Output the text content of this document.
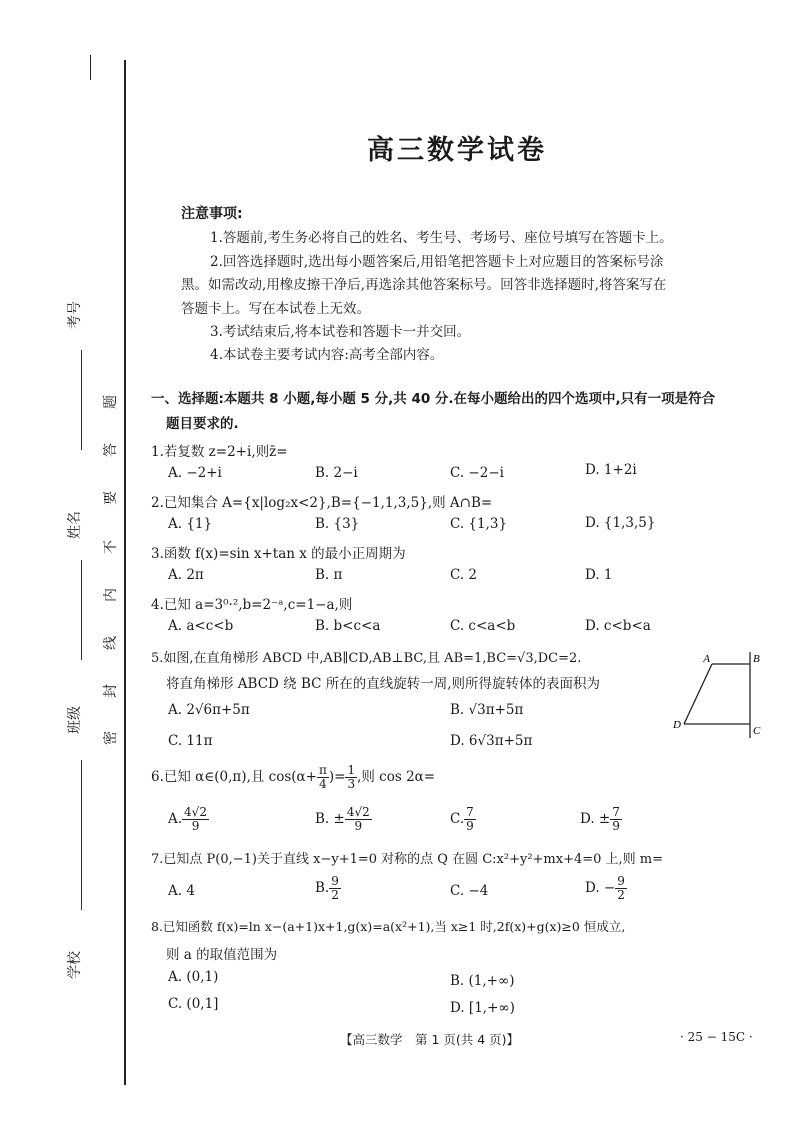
考号
姓名
班级
学校
题
答
要
不
内
线
封
密
高三数学试卷
注意事项:
1.答题前,考生务必将自己的姓名、考生号、考场号、座位号填写在答题卡上。
2.回答选择题时,选出每小题答案后,用铅笔把答题卡上对应题目的答案标号涂
黑。如需改动,用橡皮擦干净后,再选涂其他答案标号。回答非选择题时,将答案写在
答题卡上。写在本试卷上无效。
3.考试结束后,将本试卷和答题卡一并交回。
4.本试卷主要考试内容:高考全部内容。
一、选择题:本题共 8 小题,每小题 5 分,共 40 分.在每小题给出的四个选项中,只有一项是符合
题目要求的.
1.若复数 z=2+i,则z̄=
A. −2+i	B. 2−i	C. −2−i	D. 1+2i
2.已知集合 A={x|log₂x<2},B={−1,1,3,5},则 A∩B=
A. {1}	B. {3}	C. {1,3}	D. {1,3,5}
3.函数 f(x)=sin x+tan x 的最小正周期为
A. 2π	B. π	C. 2	D. 1
4.已知 a=3⁰·²,b=2⁻ᵃ,c=1−a,则
A. a<c<b	B. b<c<a	C. c<a<b	D. c<b<a
5.如图,在直角梯形 ABCD 中,AB∥CD,AB⊥BC,且 AB=1,BC=√3,DC=2.
将直角梯形 ABCD 绕 BC 所在的直线旋转一周,则所得旋转体的表面积为
A. 2√6π+5π	B. √3π+5π
C. 11π	D. 6√3π+5π
A	B
C
D
6.已知 α∈(0,π),且 $\cos(\alpha+ \frac{\pi}{4}$ )= $\frac{1}{3}$ ,则 cos 2α=
A. $\frac{4√2}{9}$	B. ± $\frac{4√2}{9}$	C. $\frac{7}{9}$	D. ± $\frac{7}{9}$
7.已知点 P(0,−1)关于直线 x−y+1=0 对称的点 Q 在圆 C:x²+y²+mx+4=0 上,则 m=
A. 4	B. $\frac{9}{2}$	C. −4	D. − $\frac{9}{2}$
8.已知函数 f(x)=ln x−(a+1)x+1,g(x)=a(x²+1),当 x≥1 时,2f(x)+g(x)≥0 恒成立,
则 a 的取值范围为
A. (0,1)	B. (1,+∞)
C. (0,1]	D. [1,+∞)
【高三数学　第 1 页(共 4 页)】	· 25 − 15C ·
